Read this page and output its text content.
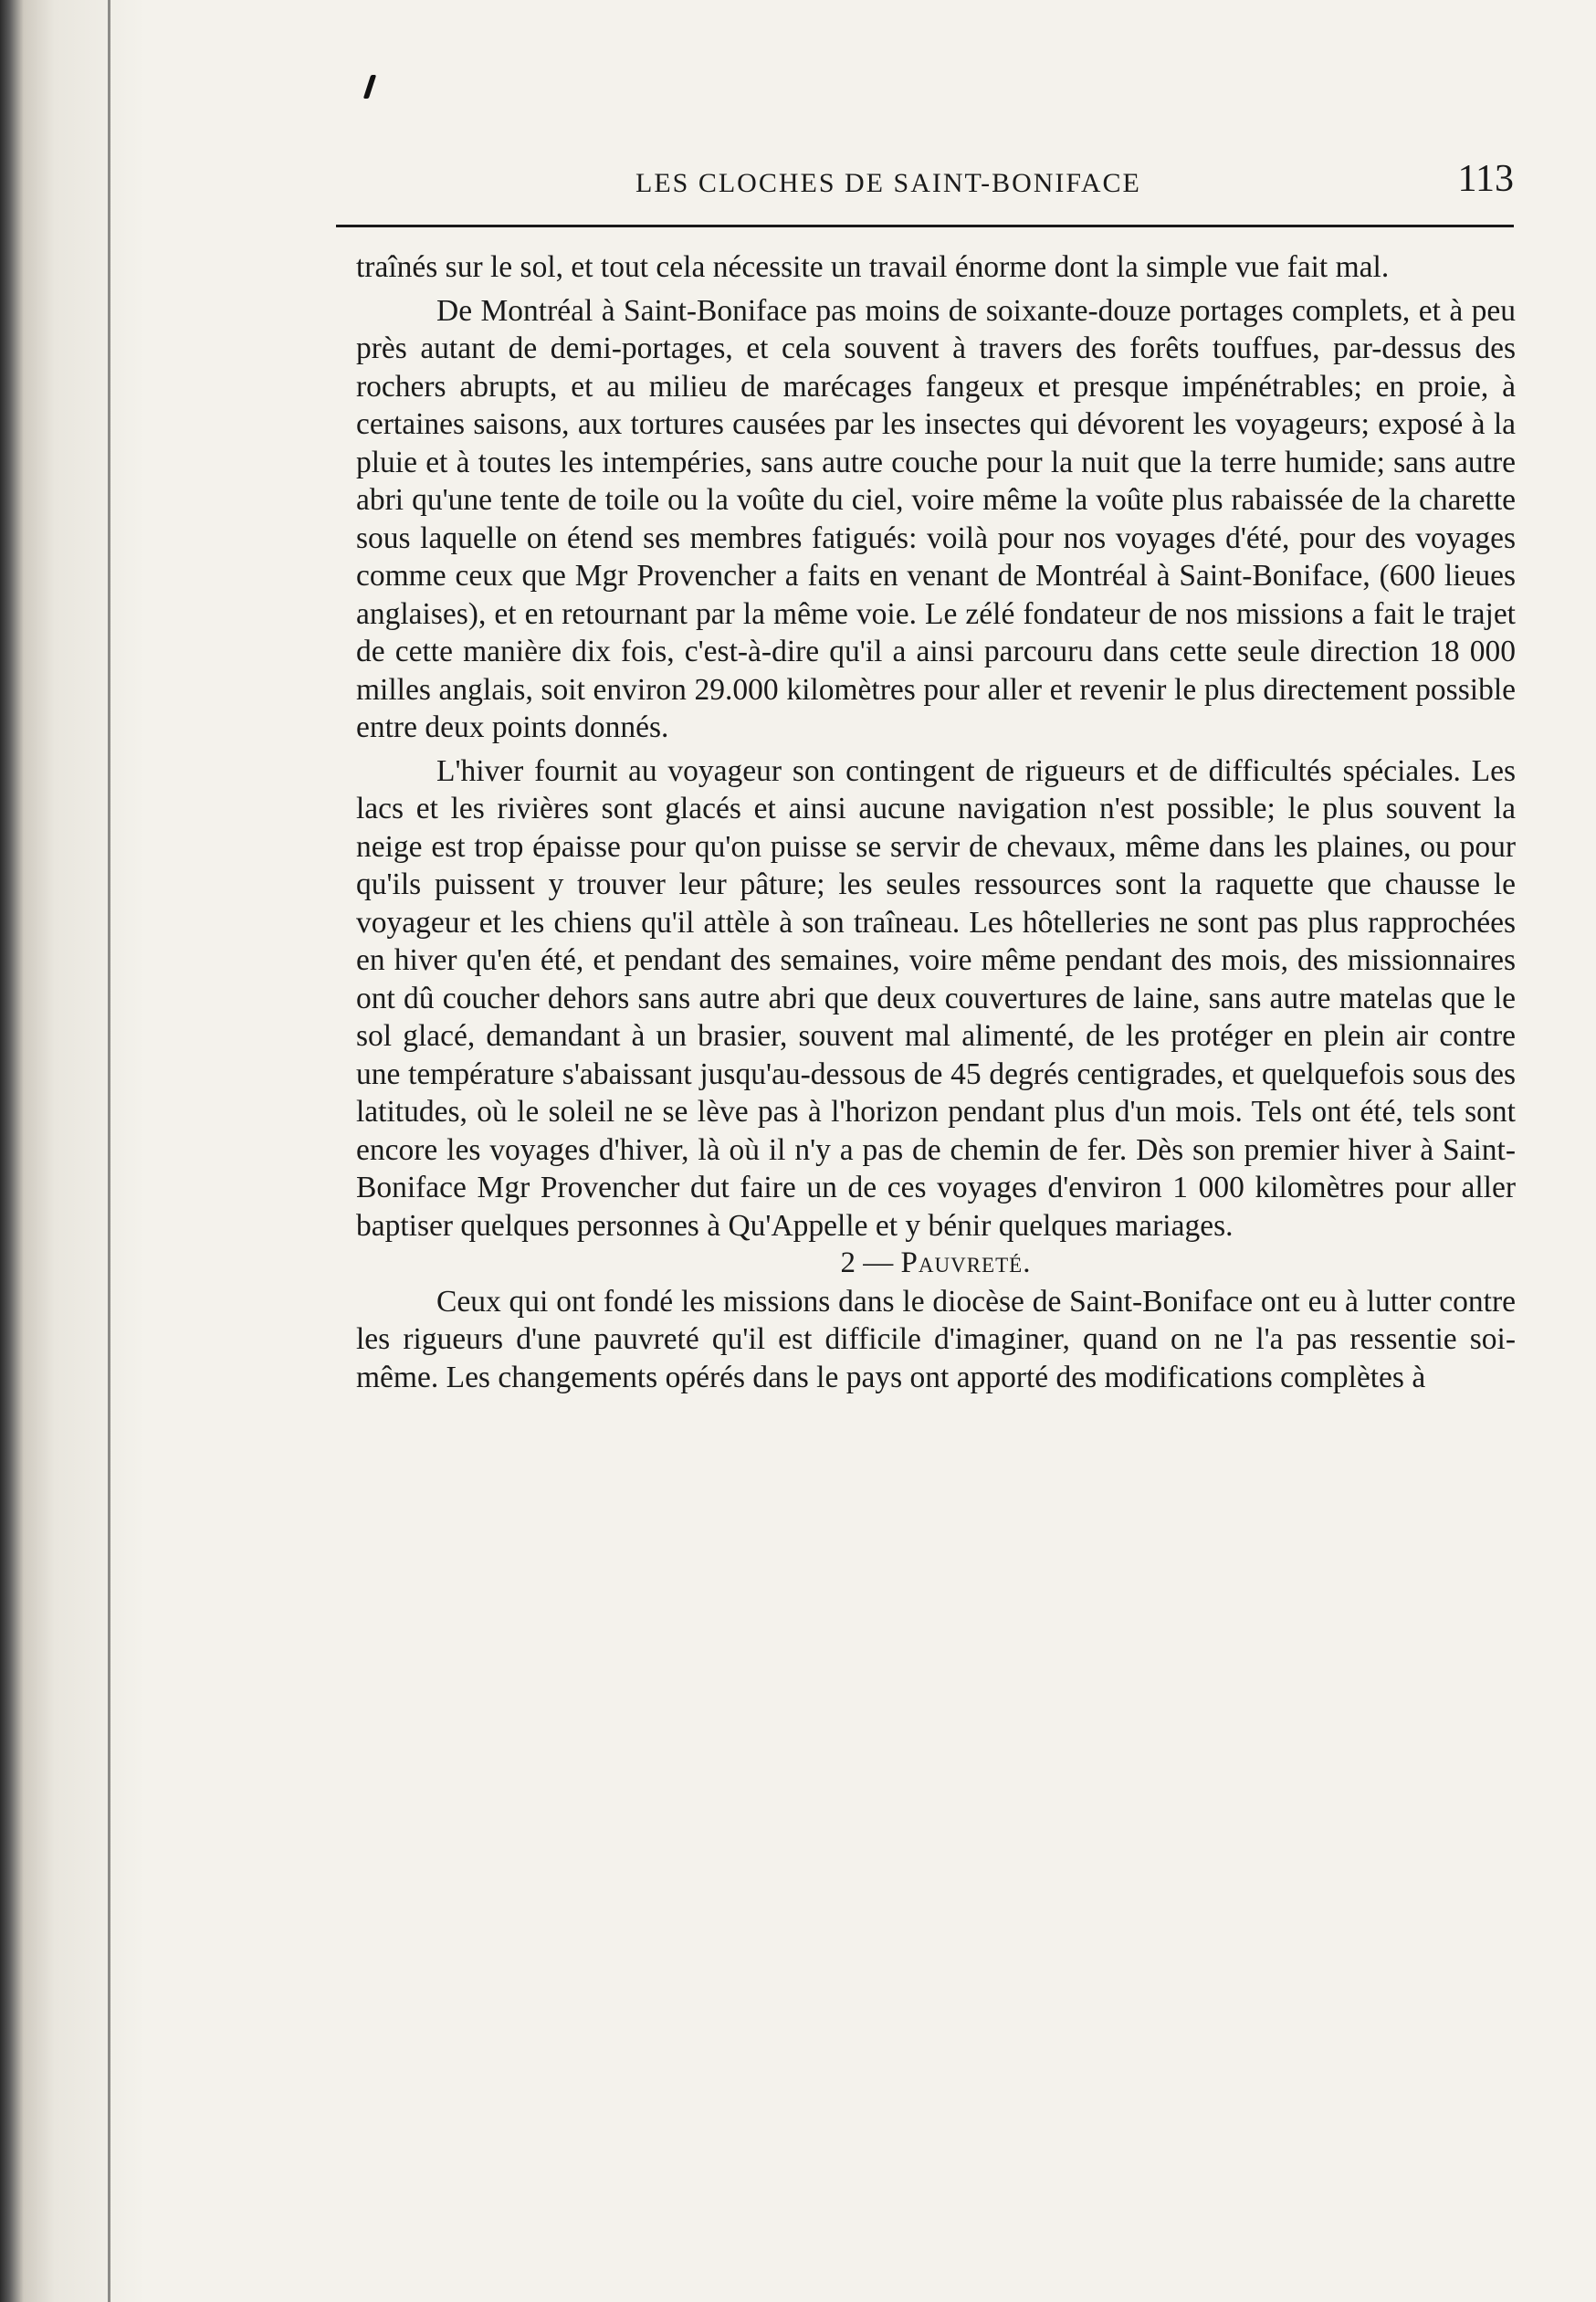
LES CLOCHES DE SAINT-BONIFACE	113

traînés sur le sol, et tout cela nécessite un travail énorme dont la simple vue fait mal.

De Montréal à Saint-Boniface pas moins de soixante-douze portages complets, et à peu près autant de demi-portages, et cela souvent à travers des forêts touffues, par-dessus des rochers abrupts, et au milieu de marécages fangeux et presque impénétrables; en proie, à certaines saisons, aux tortures causées par les insectes qui dévorent les voyageurs; exposé à la pluie et à toutes les intempéries, sans autre couche pour la nuit que la terre humide; sans autre abri qu'une tente de toile ou la voûte du ciel, voire même la voûte plus rabaissée de la charette sous laquelle on étend ses membres fatigués: voilà pour nos voyages d'été, pour des voyages comme ceux que Mgr Provencher a faits en venant de Montréal à Saint-Boniface, (600 lieues anglaises), et en retournant par la même voie. Le zélé fondateur de nos missions a fait le trajet de cette manière dix fois, c'est-à-dire qu'il a ainsi parcouru dans cette seule direction 18 000 milles anglais, soit environ 29.000 kilomètres pour aller et revenir le plus directement possible entre deux points donnés.

L'hiver fournit au voyageur son contingent de rigueurs et de difficultés spéciales. Les lacs et les rivières sont glacés et ainsi aucune navigation n'est possible; le plus souvent la neige est trop épaisse pour qu'on puisse se servir de chevaux, même dans les plaines, ou pour qu'ils puissent y trouver leur pâture; les seules ressources sont la raquette que chausse le voyageur et les chiens qu'il attèle à son traîneau. Les hôtelleries ne sont pas plus rapprochées en hiver qu'en été, et pendant des semaines, voire même pendant des mois, des missionnaires ont dû coucher dehors sans autre abri que deux couvertures de laine, sans autre matelas que le sol glacé, demandant à un brasier, souvent mal alimenté, de les protéger en plein air contre une température s'abaissant jusqu'au-dessous de 45 degrés centigrades, et quelquefois sous des latitudes, où le soleil ne se lève pas à l'horizon pendant plus d'un mois. Tels ont été, tels sont encore les voyages d'hiver, là où il n'y a pas de chemin de fer. Dès son premier hiver à Saint-Boniface Mgr Provencher dut faire un de ces voyages d'environ 1 000 kilomètres pour aller baptiser quelques personnes à Qu'Appelle et y bénir quelques mariages.

2 — Pauvreté.

Ceux qui ont fondé les missions dans le diocèse de Saint-Boniface ont eu à lutter contre les rigueurs d'une pauvreté qu'il est difficile d'imaginer, quand on ne l'a pas ressentie soi-même. Les changements opérés dans le pays ont apporté des modifications complètes à
